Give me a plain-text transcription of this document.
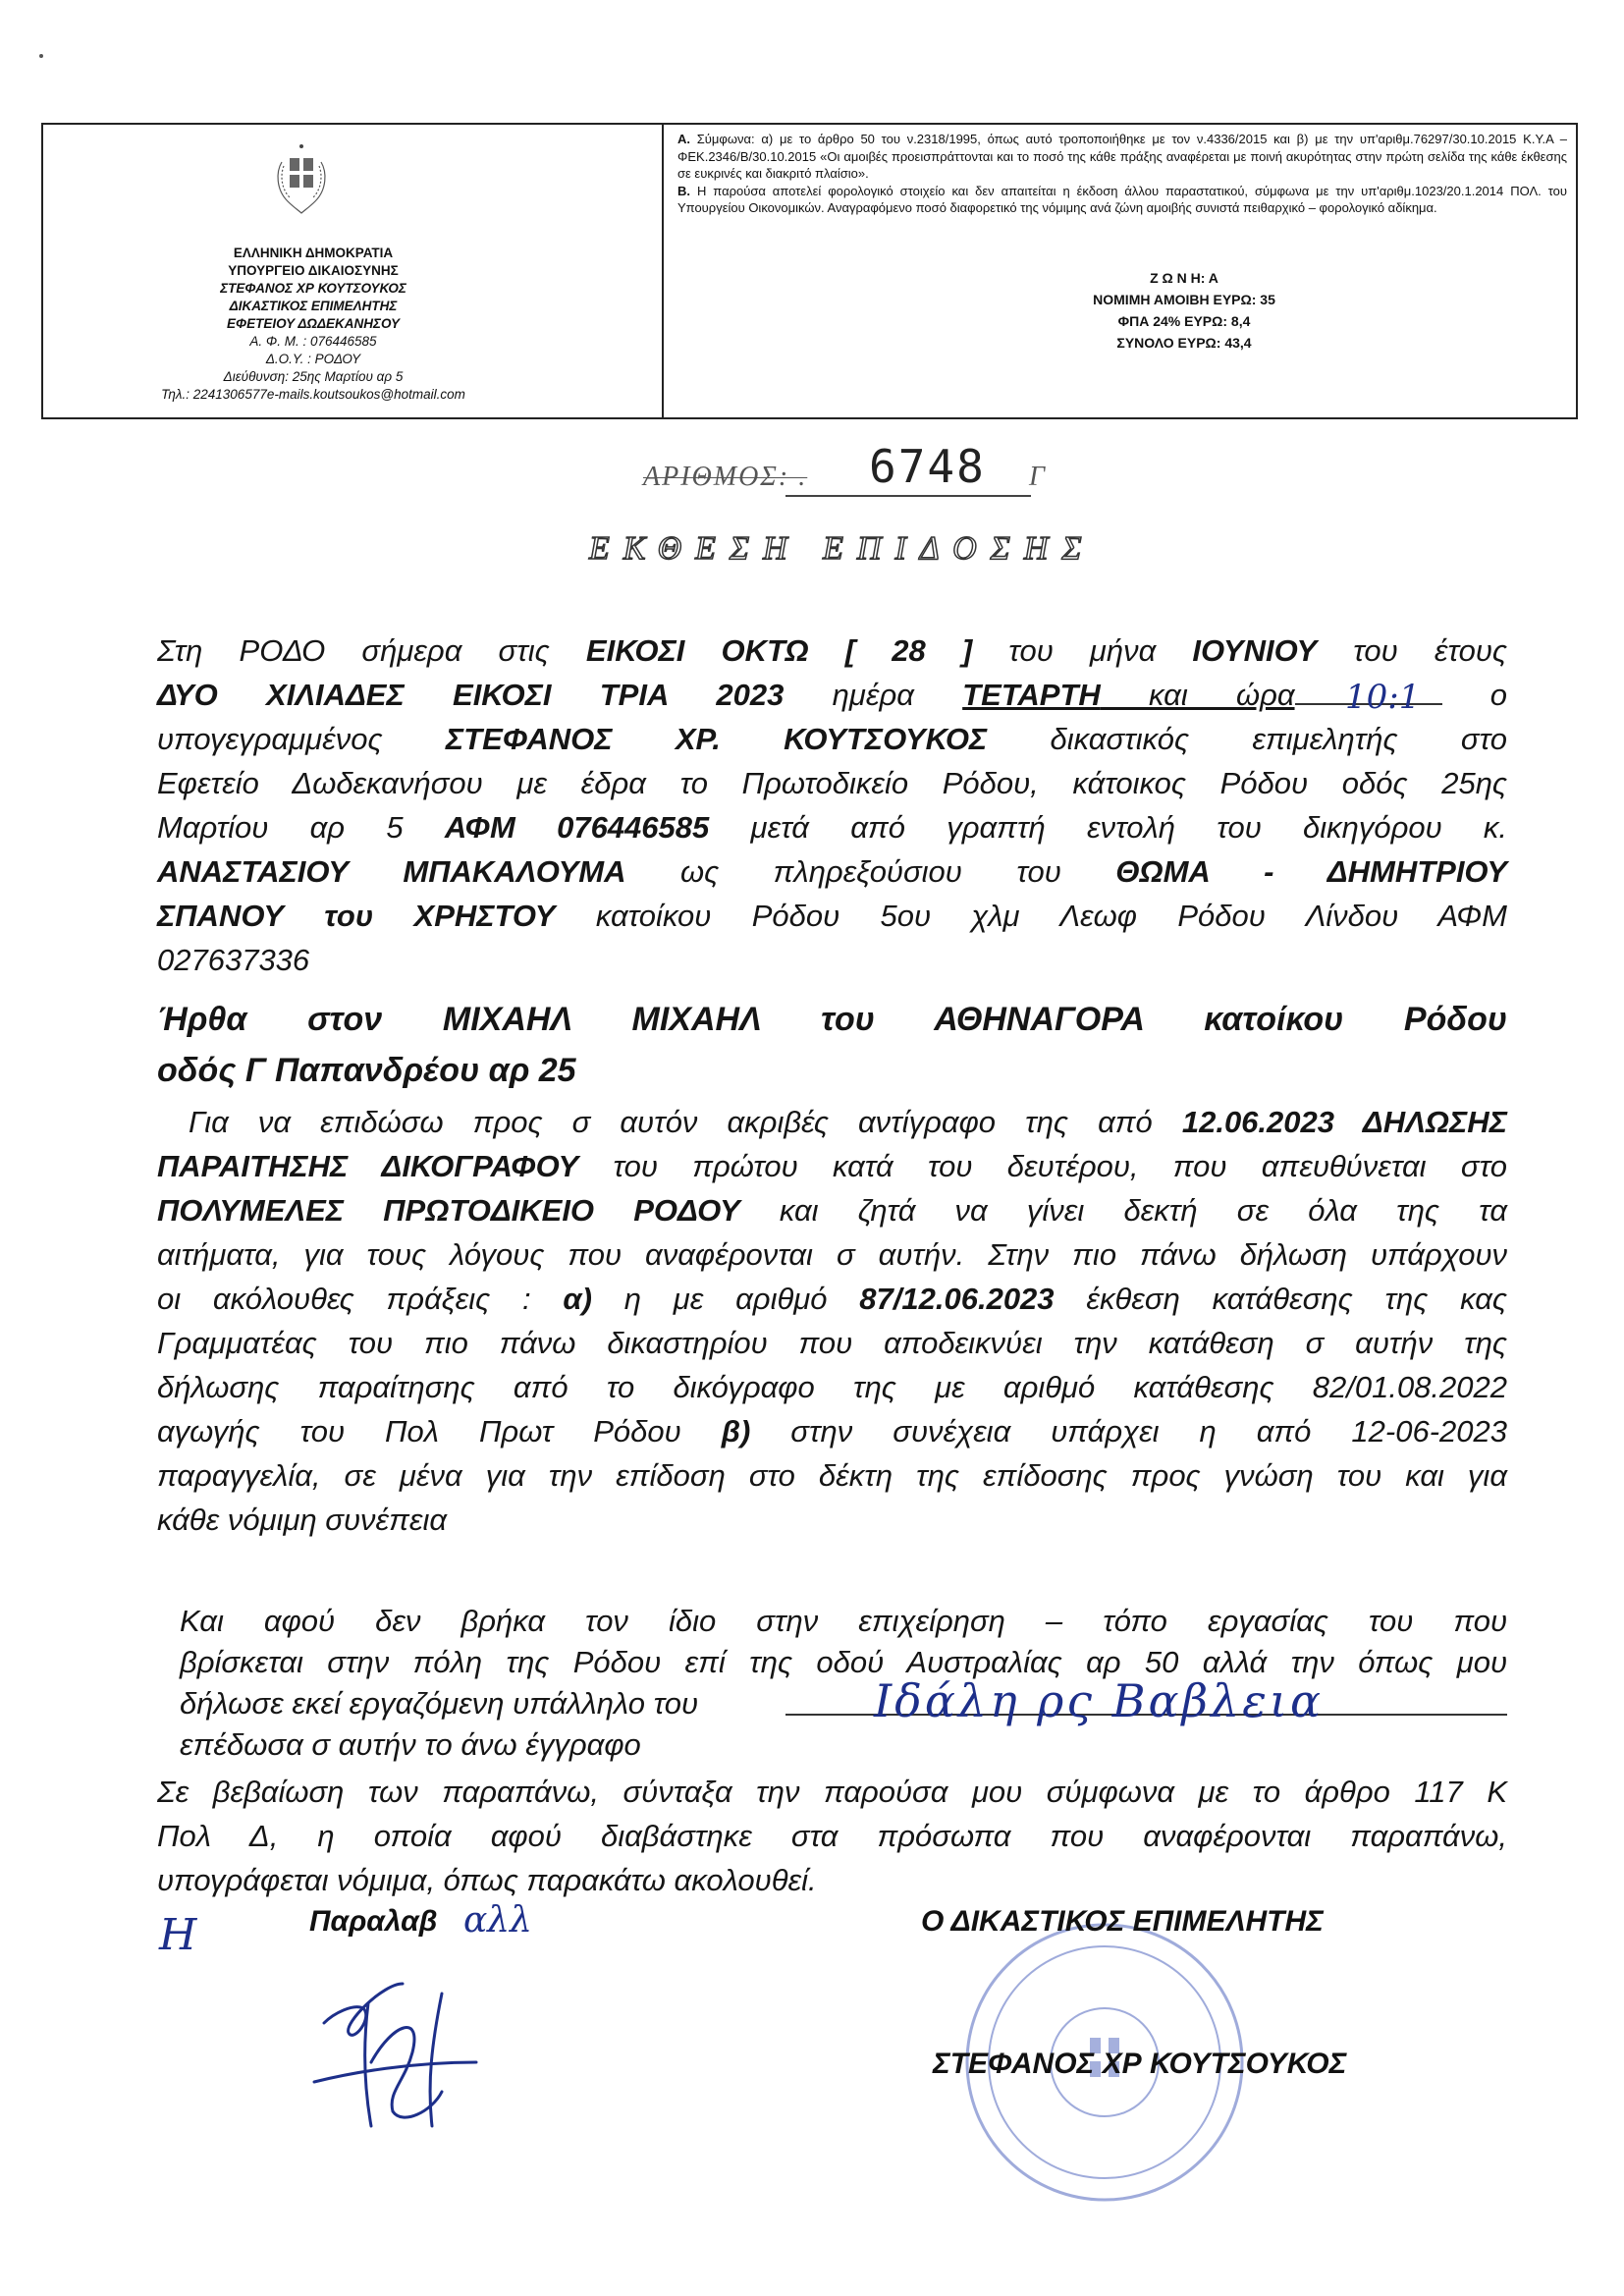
ΕΛΛΗΝΙΚΗ ΔΗΜΟΚΡΑΤΙΑ
ΥΠΟΥΡΓΕΙΟ ΔΙΚΑΙΟΣΥΝΗΣ
ΣΤΕΦΑΝΟΣ ΧΡ ΚΟΥΤΣΟΥΚΟΣ
ΔΙΚΑΣΤΙΚΟΣ ΕΠΙΜΕΛΗΤΗΣ
ΕΦΕΤΕΙΟΥ ΔΩΔΕΚΑΝΗΣΟΥ
Α. Φ. Μ. : 076446585
Δ.Ο.Υ. : ΡΟΔΟΥ
Διεύθυνση: 25ης Μαρτίου αρ 5
Τηλ.: 2241306577e-mails.koutsoukos@hotmail.com

Α. Σύμφωνα: α) με το άρθρο 50 του ν.2318/1995, όπως αυτό τροποποιήθηκε με τον ν.4336/2015 και β) με την υπ'αριθμ.76297/30.10.2015 Κ.Υ.Α – ΦΕΚ.2346/Β/30.10.2015 «Οι αμοιβές προεισπράττονται και το ποσό της κάθε πράξης αναφέρεται με ποινή ακυρότητας στην πρώτη σελίδα της κάθε έκθεσης σε ευκρινές και διακριτό πλαίσιο».

Β. Η παρούσα αποτελεί φορολογικό στοιχείο και δεν απαιτείται η έκδοση άλλου παραστατικού, σύμφωνα με την υπ'αριθμ.1023/20.1.2014 ΠΟΛ. του Υπουργείου Οικονομικών. Αναγραφόμενο ποσό διαφορετικό της νόμιμης ανά ζώνη αμοιβής συνιστά πειθαρχικό – φορολογικό αδίκημα.

Ζ Ω Ν Η: Α
ΝΟΜΙΜΗ ΑΜΟΙΒΗ ΕΥΡΩ: 35
ΦΠΑ 24% ΕΥΡΩ: 8,4
ΣΥΝΟΛΟ ΕΥΡΩ: 43,4
ΑΡΙΘΜΟΣ: . 6748 Γ
ΕΚΘΕΣΗ ΕΠΙΔΟΣΗΣ
Στη ΡΟΔΟ σήμερα στις ΕΙΚΟΣΙ ΟΚΤΩ [ 28 ] του μήνα ΙΟΥΝΙΟΥ του έτους
ΔΥΟ ΧΙΛΙΑΔΕΣ ΕΙΚΟΣΙ ΤΡΙΑ 2023 ημέρα ΤΕΤΑΡΤΗ και ώρα	ο
υπογεγραμμένος ΣΤΕΦΑΝΟΣ ΧΡ. ΚΟΥΤΣΟΥΚΟΣ δικαστικός επιμελητής στο
Εφετείο Δωδεκανήσου με έδρα το Πρωτοδικείο Ρόδου, κάτοικος Ρόδου οδός 25ης
Μαρτίου αρ 5 ΑΦΜ 076446585 μετά από γραπτή εντολή του δικηγόρου κ.
ΑΝΑΣΤΑΣΙΟΥ ΜΠΑΚΑΛΟΥΜΑ ως πληρεξούσιου του ΘΩΜΑ - ΔΗΜΗΤΡΙΟΥ
ΣΠΑΝΟΥ του ΧΡΗΣΤΟΥ κατοίκου Ρόδου 5ου χλμ Λεωφ Ρόδου Λίνδου ΑΦΜ
027637336
10:1
Ήρθα στον ΜΙΧΑΗΛ ΜΙΧΑΗΛ του ΑΘΗΝΑΓΟΡΑ κατοίκου Ρόδου
οδός Γ Παπανδρέου αρ 25
Για να επιδώσω προς σ αυτόν ακριβές αντίγραφο της από 12.06.2023 ΔΗΛΩΣΗΣ
ΠΑΡΑΙΤΗΣΗΣ ΔΙΚΟΓΡΑΦΟΥ του πρώτου κατά του δευτέρου, που απευθύνεται στο
ΠΟΛΥΜΕΛΕΣ ΠΡΩΤΟΔΙΚΕΙΟ ΡΟΔΟΥ και ζητά να γίνει δεκτή σε όλα της τα
αιτήματα, για τους λόγους που αναφέρονται σ αυτήν. Στην πιο πάνω δήλωση υπάρχουν
οι ακόλουθες πράξεις : α) η με αριθμό 87/12.06.2023 έκθεση κατάθεσης της κας
Γραμματέας του πιο πάνω δικαστηρίου που αποδεικνύει την κατάθεση σ αυτήν της
δήλωσης παραίτησης από το δικόγραφο της με αριθμό κατάθεσης 82/01.08.2022
αγωγής του Πολ Πρωτ Ρόδου β) στην συνέχεια υπάρχει η από 12-06-2023
παραγγελία, σε μένα για την επίδοση στο δέκτη της επίδοσης προς γνώση του και για
κάθε νόμιμη συνέπεια
Και αφού δεν βρήκα τον ίδιο στην επιχείρηση – τόπο εργασίας του που
βρίσκεται στην πόλη της Ρόδου επί της οδού Αυστραλίας αρ 50 αλλά την όπως μου
δήλωσε εκεί εργαζόμενη υπάλληλο του
επέδωσα σ αυτήν το άνω έγγραφο
Ιδάλη ρς Βαβλεια
Σε βεβαίωση των παραπάνω, σύνταξα την παρούσα μου σύμφωνα με το άρθρο 117 Κ
Πολ Δ, η οποία αφού διαβάστηκε στα πρόσωπα που αναφέρονται παραπάνω,
υπογράφεται νόμιμα, όπως παρακάτω ακολουθεί.
Η	Παραλαβ αλλ	Ο ΔΙΚΑΣΤΙΚΟΣ ΕΠΙΜΕΛΗΤΗΣ
ΣΤΕΦΑΝΟΣ ΧΡ ΚΟΥΤΣΟΥΚΟΣ
